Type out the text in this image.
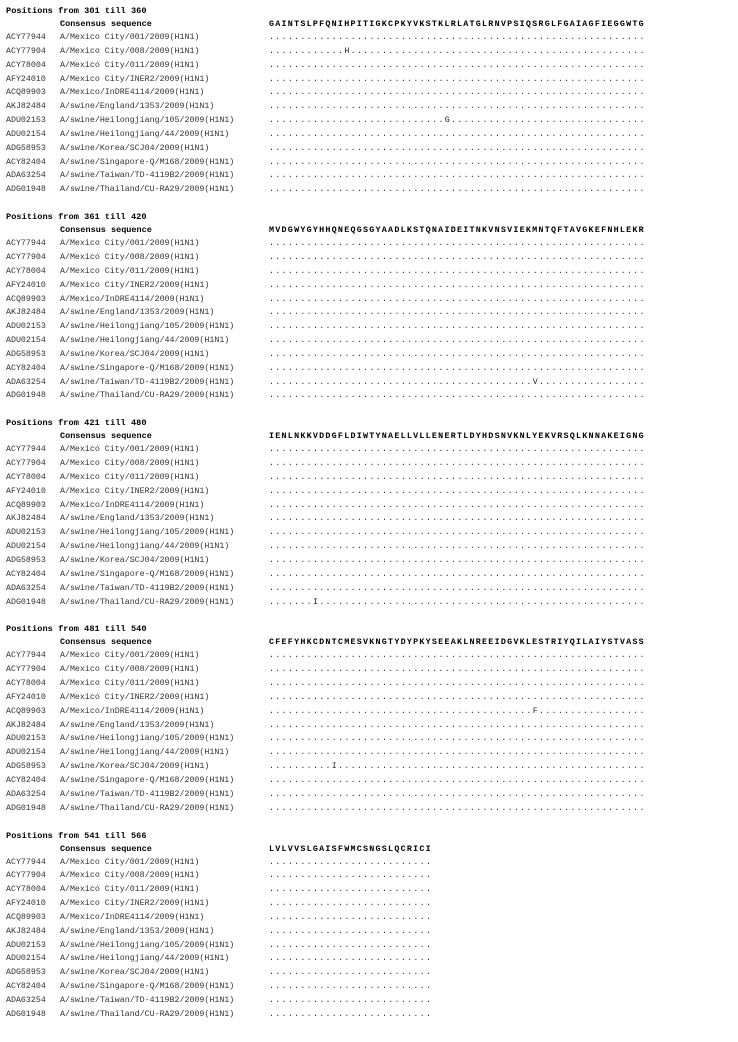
Positions from 301 till 360
Consensus sequence	GAINTSLPFQNIHPITIGKCPKYVKSTKLRLATGLRNVPSIQSRGLFGAIAGFIEGGWTG
ACY77944 A/Mexico City/001/2009(H1N1)	............................................................
ACY77904 A/Mexico City/008/2009(H1N1)	............H...............................................
ACY78004 A/Mexico City/011/2009(H1N1)	............................................................
AFY24010 A/Mexico City/INER2/2009(H1N1)	............................................................
ACQ89903 A/Mexico/InDRE4114/2009(H1N1)	............................................................
AKJ82484 A/swine/England/1353/2009(H1N1)	............................................................
ADU02153 A/swine/Heilongjiang/105/2009(H1N1)	............................G...............................
ADU02154 A/swine/Heilongjiang/44/2009(H1N1)	............................................................
ADG58953 A/swine/Korea/SCJ04/2009(H1N1)	............................................................
ACY82404 A/swine/Singapore-Q/M168/2009(H1N1)	............................................................
ADA63254 A/swine/Taiwan/TD-4119B2/2009(H1N1)	............................................................
ADG01948 A/swine/Thailand/CU-RA29/2009(H1N1)	............................................................
Positions from 361 till 420
Consensus sequence	MVDGWYGYHHQNEQGSGYAADLKSTQNAIDEITNKVNSVIEKMNTQFTAVGKEFNHLEKR
ACY77944 A/Mexico City/001/2009(H1N1)	............................................................
ACY77904 A/Mexico City/008/2009(H1N1)	............................................................
ACY78004 A/Mexico City/011/2009(H1N1)	............................................................
AFY24010 A/Mexico City/INER2/2009(H1N1)	............................................................
ACQ89903 A/Mexico/InDRE4114/2009(H1N1)	............................................................
AKJ82484 A/swine/England/1353/2009(H1N1)	............................................................
ADU02153 A/swine/Heilongjiang/105/2009(H1N1)	............................................................
ADU02154 A/swine/Heilongjiang/44/2009(H1N1)	............................................................
ADG58953 A/swine/Korea/SCJ04/2009(H1N1)	............................................................
ACY82404 A/swine/Singapore-Q/M168/2009(H1N1)	............................................................
ADA63254 A/swine/Taiwan/TD-4119B2/2009(H1N1)	..........................................V.................
ADG01948 A/swine/Thailand/CU-RA29/2009(H1N1)	............................................................
Positions from 421 till 480
Consensus sequence	IENLNKKVDDGFLDIWTYNAELLVLLENERTLDYHDSNVKNLYEKVRSQLKNNAKEIGNG
ACY77944 A/Mexico City/001/2009(H1N1)	............................................................
ACY77904 A/Mexico City/008/2009(H1N1)	............................................................
ACY78004 A/Mexico City/011/2009(H1N1)	............................................................
AFY24010 A/Mexico City/INER2/2009(H1N1)	............................................................
ACQ89903 A/Mexico/InDRE4114/2009(H1N1)	............................................................
AKJ82484 A/swine/England/1353/2009(H1N1)	............................................................
ADU02153 A/swine/Heilongjiang/105/2009(H1N1)	............................................................
ADU02154 A/swine/Heilongjiang/44/2009(H1N1)	............................................................
ADG58953 A/swine/Korea/SCJ04/2009(H1N1)	............................................................
ACY82404 A/swine/Singapore-Q/M168/2009(H1N1)	............................................................
ADA63254 A/swine/Taiwan/TD-4119B2/2009(H1N1)	............................................................
ADG01948 A/swine/Thailand/CU-RA29/2009(H1N1)	.......I....................................................
Positions from 481 till 540
Consensus sequence	CFEFYHKCDNTCMESVKNGTYDYPKYSEEAKLNREEIDGVKLESTRIYQILAIYSTVASS
ACY77944 A/Mexico City/001/2009(H1N1)	............................................................
ACY77904 A/Mexico City/008/2009(H1N1)	............................................................
ACY78004 A/Mexico City/011/2009(H1N1)	............................................................
AFY24010 A/Mexico City/INER2/2009(H1N1)	............................................................
ACQ89903 A/Mexico/InDRE4114/2009(H1N1)	..........................................F.................
AKJ82484 A/swine/England/1353/2009(H1N1)	............................................................
ADU02153 A/swine/Heilongjiang/105/2009(H1N1)	............................................................
ADU02154 A/swine/Heilongjiang/44/2009(H1N1)	............................................................
ADG58953 A/swine/Korea/SCJ04/2009(H1N1)	..........I.................................................
ACY82404 A/swine/Singapore-Q/M168/2009(H1N1)	............................................................
ADA63254 A/swine/Taiwan/TD-4119B2/2009(H1N1)	............................................................
ADG01948 A/swine/Thailand/CU-RA29/2009(H1N1)	............................................................
Positions from 541 till 566
Consensus sequence	LVLVVSLGAISFWMCSNGSLQCRICI
ACY77944 A/Mexico City/001/2009(H1N1)	..........................
ACY77904 A/Mexico City/008/2009(H1N1)	..........................
ACY78004 A/Mexico City/011/2009(H1N1)	..........................
AFY24010 A/Mexico City/INER2/2009(H1N1)	..........................
ACQ89903 A/Mexico/InDRE4114/2009(H1N1)	..........................
AKJ82484 A/swine/England/1353/2009(H1N1)	..........................
ADU02153 A/swine/Heilongjiang/105/2009(H1N1)	..........................
ADU02154 A/swine/Heilongjiang/44/2009(H1N1)	..........................
ADG58953 A/swine/Korea/SCJ04/2009(H1N1)	..........................
ACY82404 A/swine/Singapore-Q/M168/2009(H1N1)	..........................
ADA63254 A/swine/Taiwan/TD-4119B2/2009(H1N1)	..........................
ADG01948 A/swine/Thailand/CU-RA29/2009(H1N1)	..........................
